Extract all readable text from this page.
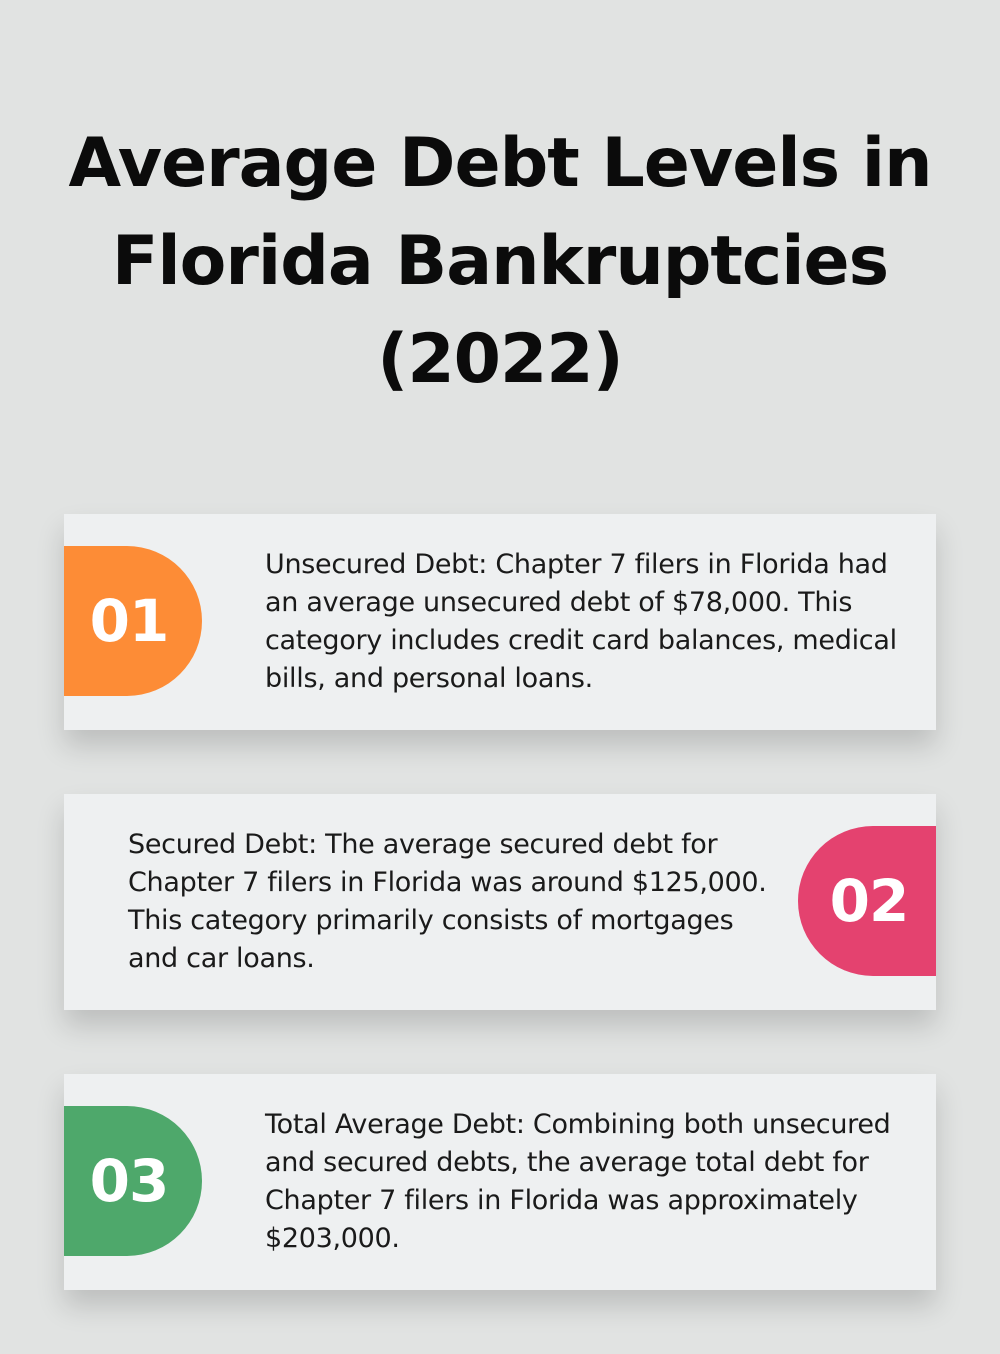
Average Debt Levels in Florida Bankruptcies (2022)
01

Unsecured Debt: Chapter 7 filers in Florida had an average unsecured debt of $78,000. This category includes credit card balances, medical bills, and personal loans.

Secured Debt: The average secured debt for Chapter 7 filers in Florida was around $125,000. This category primarily consists of mortgages and car loans.

02
03

Total Average Debt: Combining both unsecured and secured debts, the average total debt for Chapter 7 filers in Florida was approximately $203,000.
